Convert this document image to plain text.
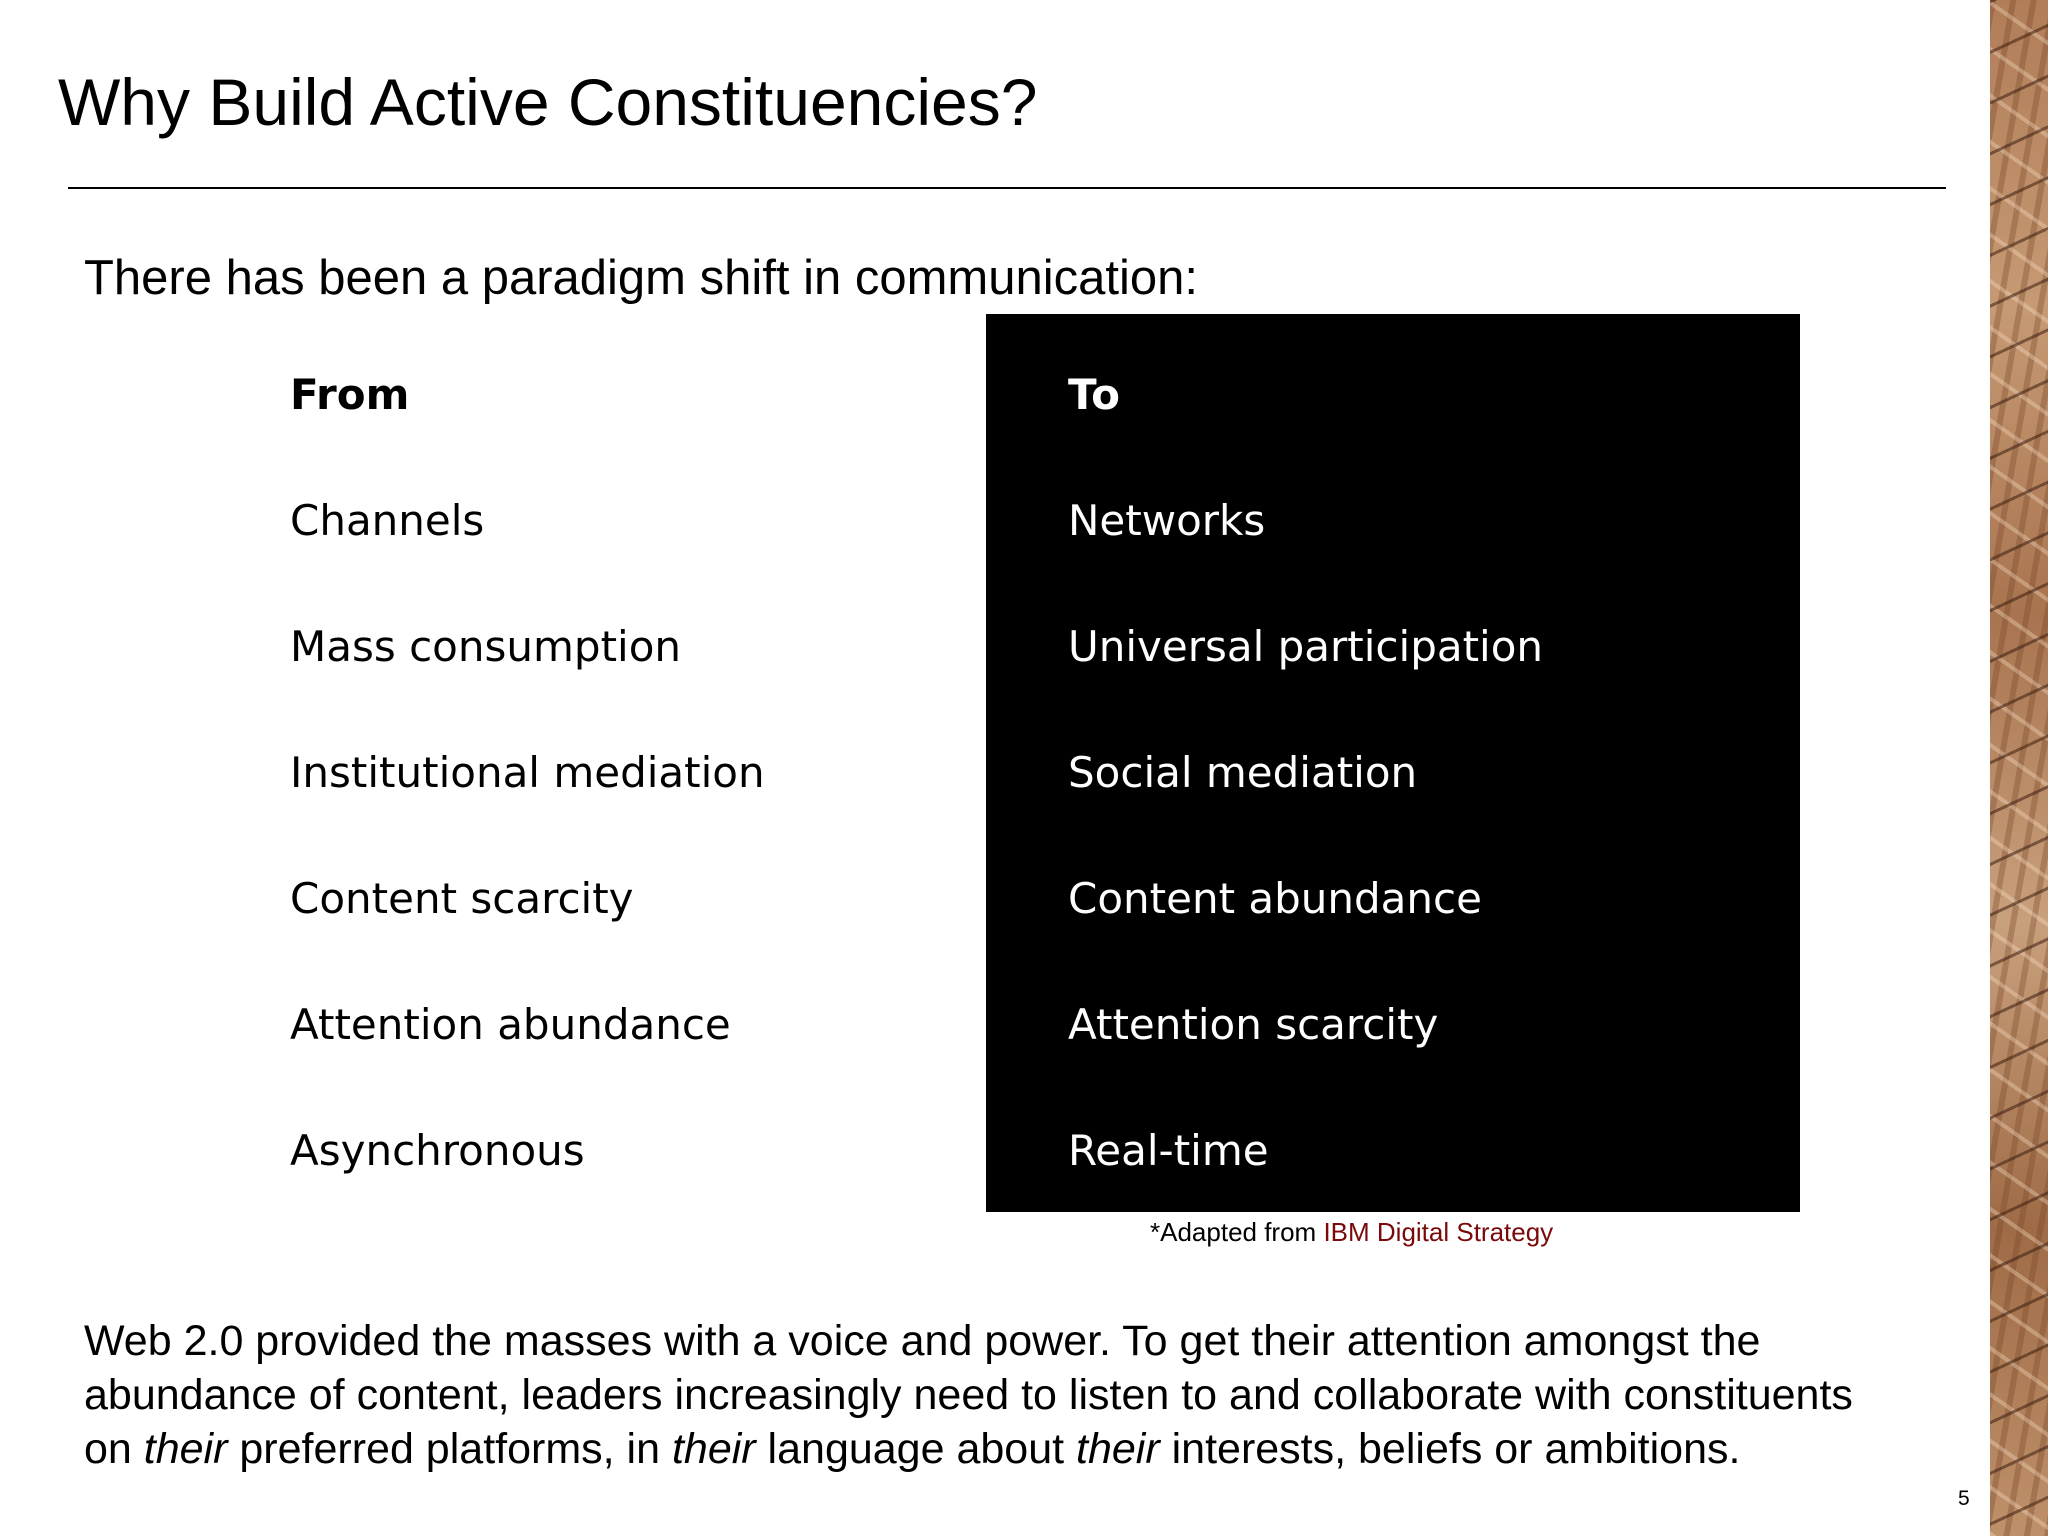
Why Build Active Constituencies?
There has been a paradigm shift in communication:
From
Channels
Mass consumption
Institutional mediation
Content scarcity
Attention abundance
Asynchronous
To
Networks
Universal participation
Social mediation
Content abundance
Attention scarcity
Real-time
*Adapted from IBM Digital Strategy
Web 2.0 provided the masses with a voice and power. To get their attention amongst the
abundance of content, leaders increasingly need to listen to and collaborate with constituents
on their preferred platforms, in their language about their interests, beliefs or ambitions.
5
